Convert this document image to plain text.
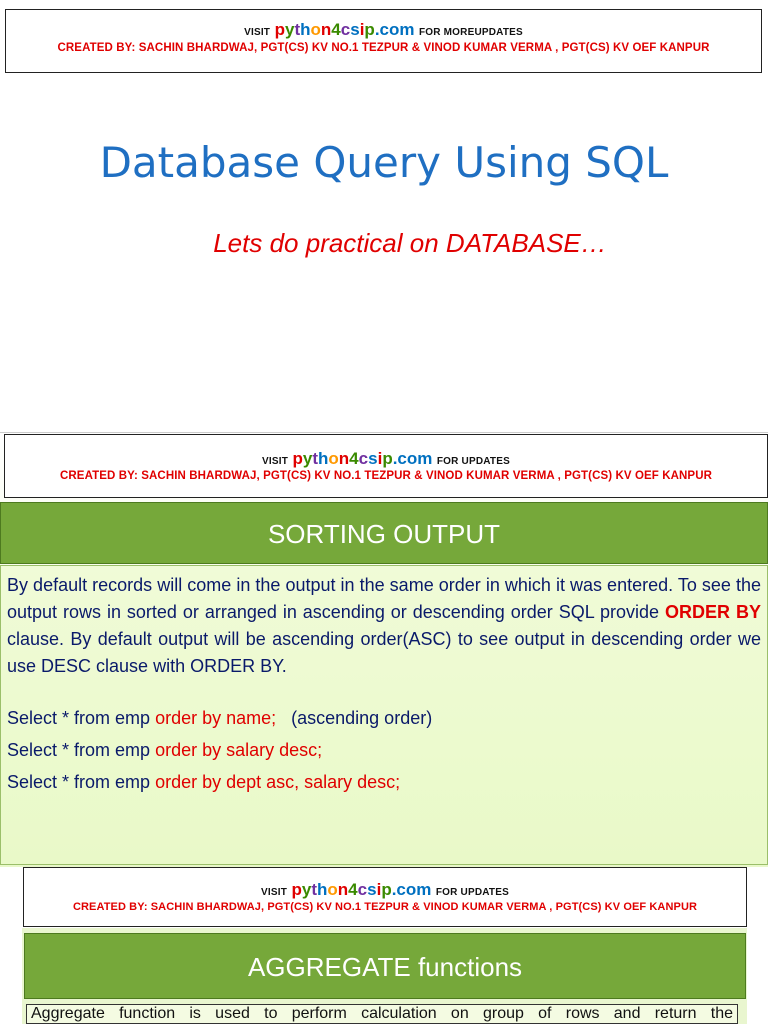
VISIT python4csip.com FOR MOREUPDATES
CREATED BY: SACHIN BHARDWAJ, PGT(CS) KV NO.1 TEZPUR & VINOD KUMAR VERMA , PGT(CS) KV OEF KANPUR
Database Query Using SQL
Lets do practical on DATABASE…
VISIT python4csip.com FOR UPDATES
CREATED BY: SACHIN BHARDWAJ, PGT(CS) KV NO.1 TEZPUR & VINOD KUMAR VERMA , PGT(CS) KV OEF KANPUR
SORTING OUTPUT

By default records will come in the output in the same order in which it was entered. To see the output rows in sorted or arranged in ascending or descending order SQL provide ORDER BY clause. By default output will be ascending order(ASC) to see output in descending order we use DESC clause with ORDER BY.

Select * from emp order by name;   (ascending order)

Select * from emp order by salary desc;

Select * from emp order by dept asc, salary desc;

VISIT python4csip.com FOR UPDATES
CREATED BY: SACHIN BHARDWAJ, PGT(CS) KV NO.1 TEZPUR & VINOD KUMAR VERMA , PGT(CS) KV OEF KANPUR
AGGREGATE functions
Aggregate function is used to perform calculation on group of rows and return the
